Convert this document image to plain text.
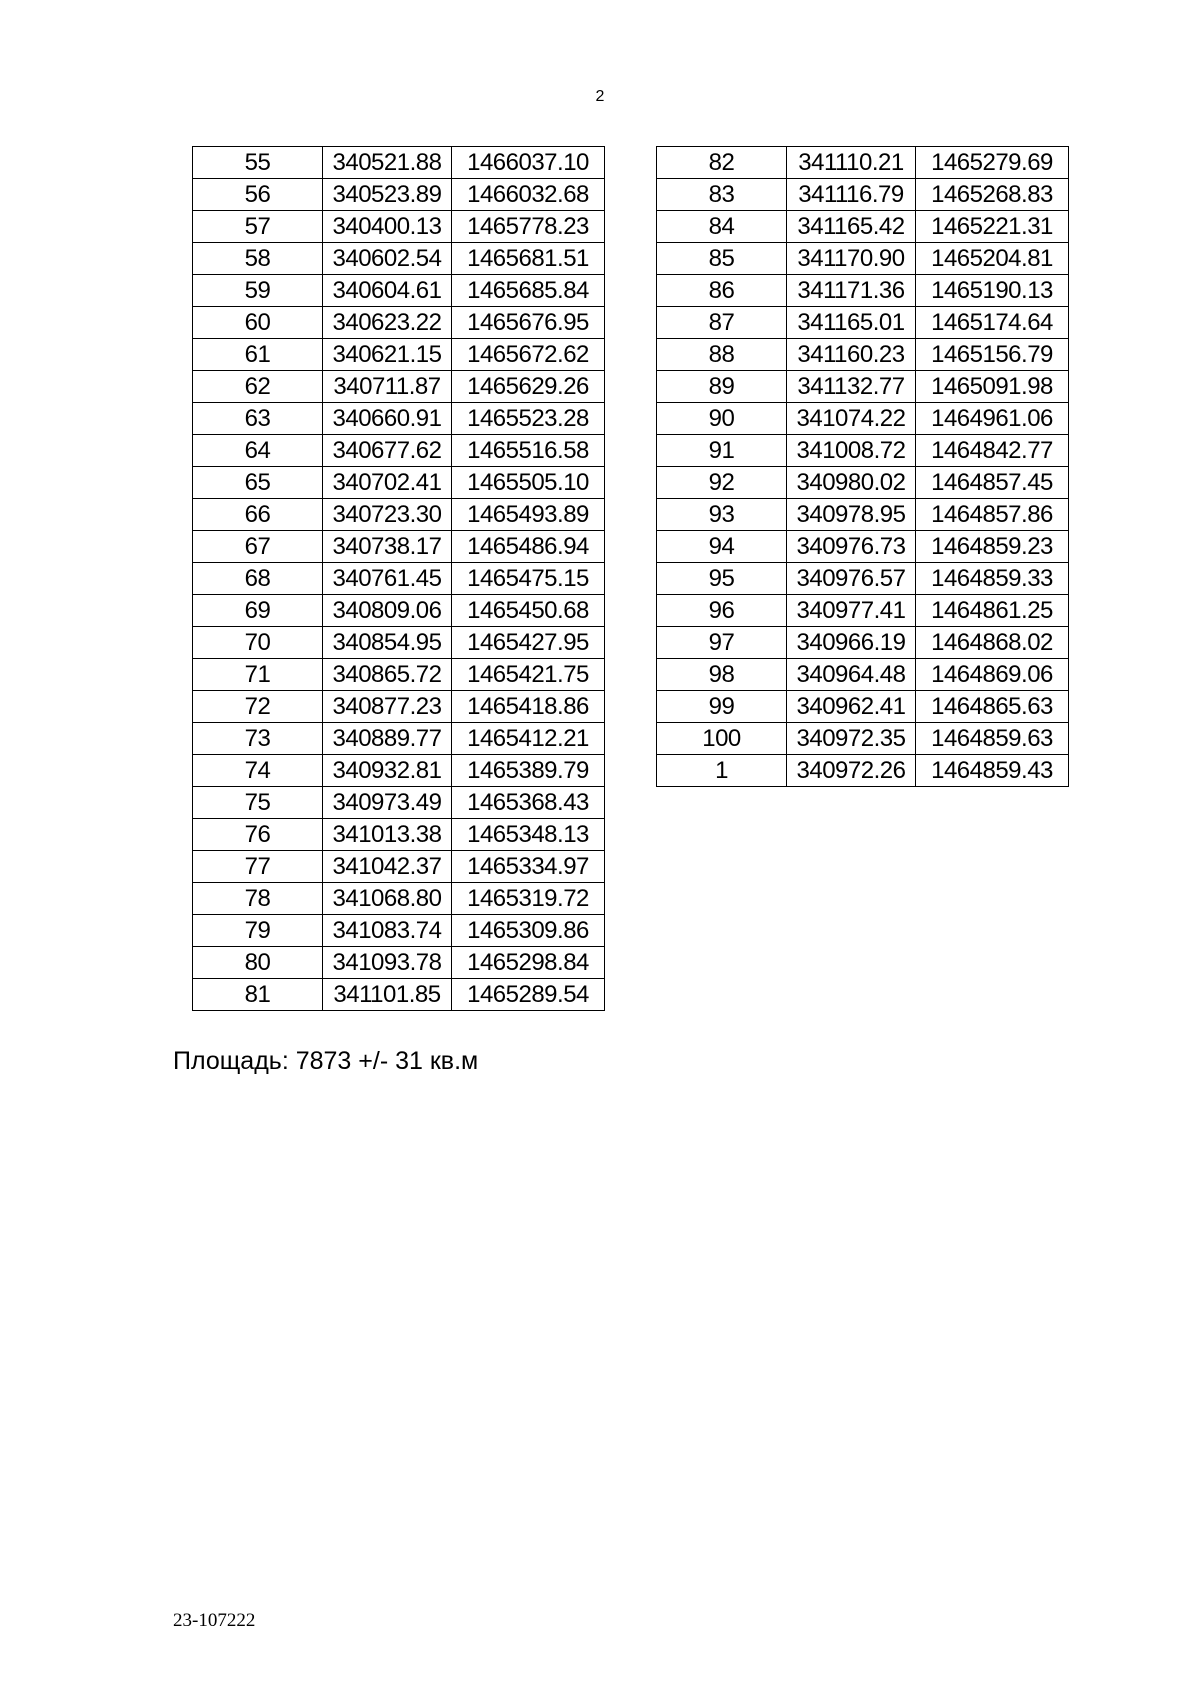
2
55	340521.88	1466037.10
56	340523.89	1466032.68
57	340400.13	1465778.23
58	340602.54	1465681.51
59	340604.61	1465685.84
60	340623.22	1465676.95
61	340621.15	1465672.62
62	340711.87	1465629.26
63	340660.91	1465523.28
64	340677.62	1465516.58
65	340702.41	1465505.10
66	340723.30	1465493.89
67	340738.17	1465486.94
68	340761.45	1465475.15
69	340809.06	1465450.68
70	340854.95	1465427.95
71	340865.72	1465421.75
72	340877.23	1465418.86
73	340889.77	1465412.21
74	340932.81	1465389.79
75	340973.49	1465368.43
76	341013.38	1465348.13
77	341042.37	1465334.97
78	341068.80	1465319.72
79	341083.74	1465309.86
80	341093.78	1465298.84
81	341101.85	1465289.54
82	341110.21	1465279.69
83	341116.79	1465268.83
84	341165.42	1465221.31
85	341170.90	1465204.81
86	341171.36	1465190.13
87	341165.01	1465174.64
88	341160.23	1465156.79
89	341132.77	1465091.98
90	341074.22	1464961.06
91	341008.72	1464842.77
92	340980.02	1464857.45
93	340978.95	1464857.86
94	340976.73	1464859.23
95	340976.57	1464859.33
96	340977.41	1464861.25
97	340966.19	1464868.02
98	340964.48	1464869.06
99	340962.41	1464865.63
100	340972.35	1464859.63
1	340972.26	1464859.43
Площадь: 7873 +/- 31 кв.м
23-107222
